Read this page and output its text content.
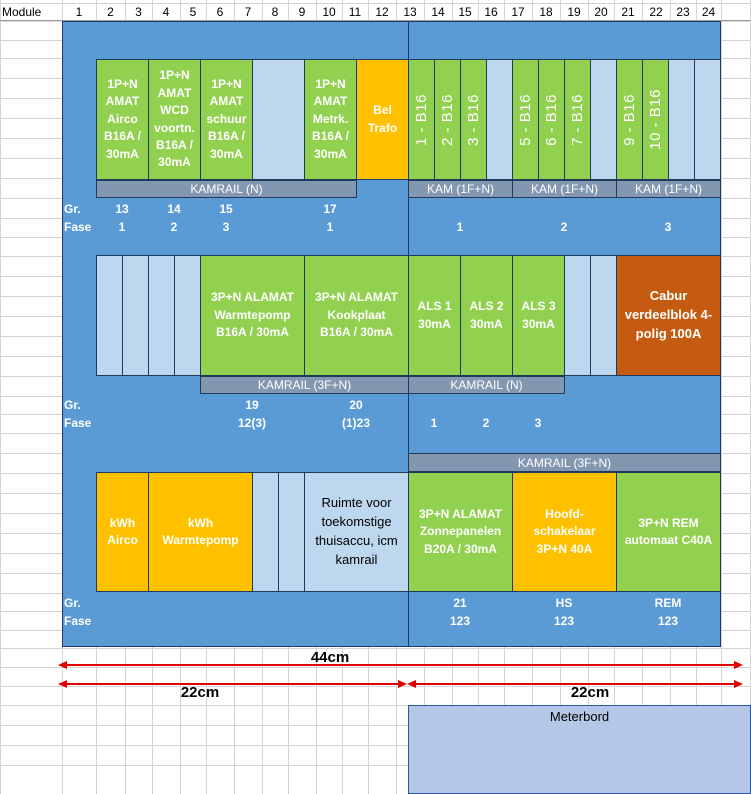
Module	1	2	3	4	5	6	7	8	9	10	11	12	13	14	15	16	17	18	19	20	21	22	23	24
1P+N
AMAT
Airco
B16A /
30mA
1P+N
AMAT
WCD
voortn.
B16A /
30mA
1P+N
AMAT
schuur
B16A /
30mA
1P+N
AMAT
Metrk.
B16A /
30mA
Bel
Trafo	1 - B16 2 - B16 3 - B16 5 - B16 6 - B16 7 - B16 9 - B16 10 - B16
KAMRAIL (N)	KAM (1F+N)	KAM (1F+N)	KAM (1F+N)
Gr.
Fase
13	14	15	17
1	2	3	1	1	2	3
3P+N ALAMAT
Warmtepomp
B16A / 30mA
3P+N ALAMAT
Kookplaat
B16A / 30mA
ALS 1
30mA
ALS 2
30mA
ALS 3
30mA
Cabur
verdeelblok 4-
polig 100A
KAMRAIL (3F+N)	KAMRAIL (N)
Gr.
Fase
19	20
12(3)	(1)23	1	2	3
kWh
Airco
kWh
Warmtepomp
Ruimte voor
toekomstige
thuisaccu, icm
kamrail
3P+N ALAMAT
Zonnepanelen
B20A / 30mA
Hoofd-
schakelaar
3P+N 40A
3P+N REM
automaat C40A
KAMRAIL (3F+N)
Gr.
Fase
21	HS	REM
123	123	123
44cm
22cm	22cm
Meterbord
